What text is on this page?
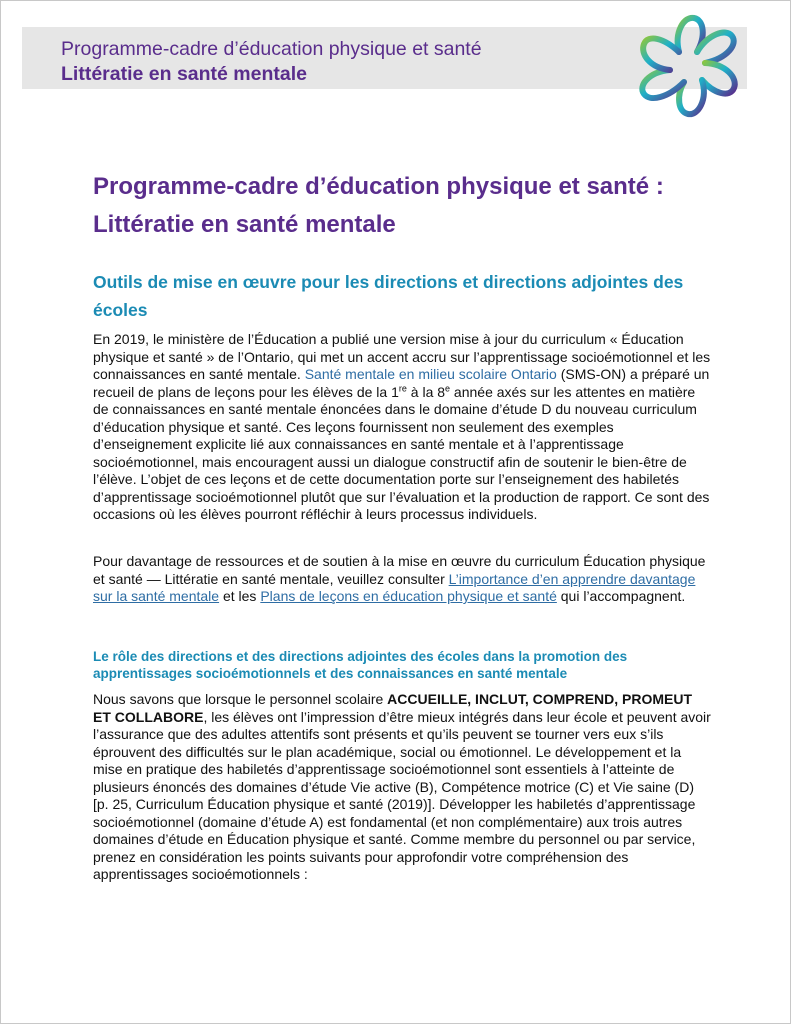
Programme‑cadre d’éducation physique et santé
Littératie en santé mentale
Programme‑cadre d’éducation physique et santé : Littératie en santé mentale
Outils de mise en œuvre pour les directions et directions adjointes des écoles

En 2019, le ministère de l’Éducation a publié une version mise à jour du curriculum « Éducation physique et santé » de l’Ontario, qui met un accent accru sur l’apprentissage socioémotionnel et les connaissances en santé mentale. Santé mentale en milieu scolaire Ontario (SMS‑ON) a préparé un recueil de plans de leçons pour les élèves de la 1re à la 8e année axés sur les attentes en matière de connaissances en santé mentale énoncées dans le domaine d’étude D du nouveau curriculum d’éducation physique et santé. Ces leçons fournissent non seulement des exemples d’enseignement explicite lié aux connaissances en santé mentale et à l’apprentissage socioémotionnel, mais encouragent aussi un dialogue constructif afin de soutenir le bien‑être de l’élève. L’objet de ces leçons et de cette documentation porte sur l’enseignement des habiletés d’apprentissage socioémotionnel plutôt que sur l’évaluation et la production de rapport. Ce sont des occasions où les élèves pourront réfléchir à leurs processus individuels.

Pour davantage de ressources et de soutien à la mise en œuvre du curriculum Éducation physique et santé — Littératie en santé mentale, veuillez consulter L’importance d’en apprendre davantage sur la santé mentale et les Plans de leçons en éducation physique et santé qui l’accompagnent.

Le rôle des directions et des directions adjointes des écoles dans la promotion des apprentissages socioémotionnels et des connaissances en santé mentale

Nous savons que lorsque le personnel scolaire ACCUEILLE, INCLUT, COMPREND, PROMEUT ET COLLABORE, les élèves ont l’impression d’être mieux intégrés dans leur école et peuvent avoir l’assurance que des adultes attentifs sont présents et qu’ils peuvent se tourner vers eux s’ils éprouvent des difficultés sur le plan académique, social ou émotionnel. Le développement et la mise en pratique des habiletés d’apprentissage socioémotionnel sont essentiels à l’atteinte de plusieurs énoncés des domaines d’étude Vie active (B), Compétence motrice (C) et Vie saine (D) [p. 25, Curriculum Éducation physique et santé (2019)]. Développer les habiletés d’apprentissage socioémotionnel (domaine d’étude A) est fondamental (et non complémentaire) aux trois autres domaines d’étude en Éducation physique et santé. Comme membre du personnel ou par service, prenez en considération les points suivants pour approfondir votre compréhension des apprentissages socioémotionnels :
